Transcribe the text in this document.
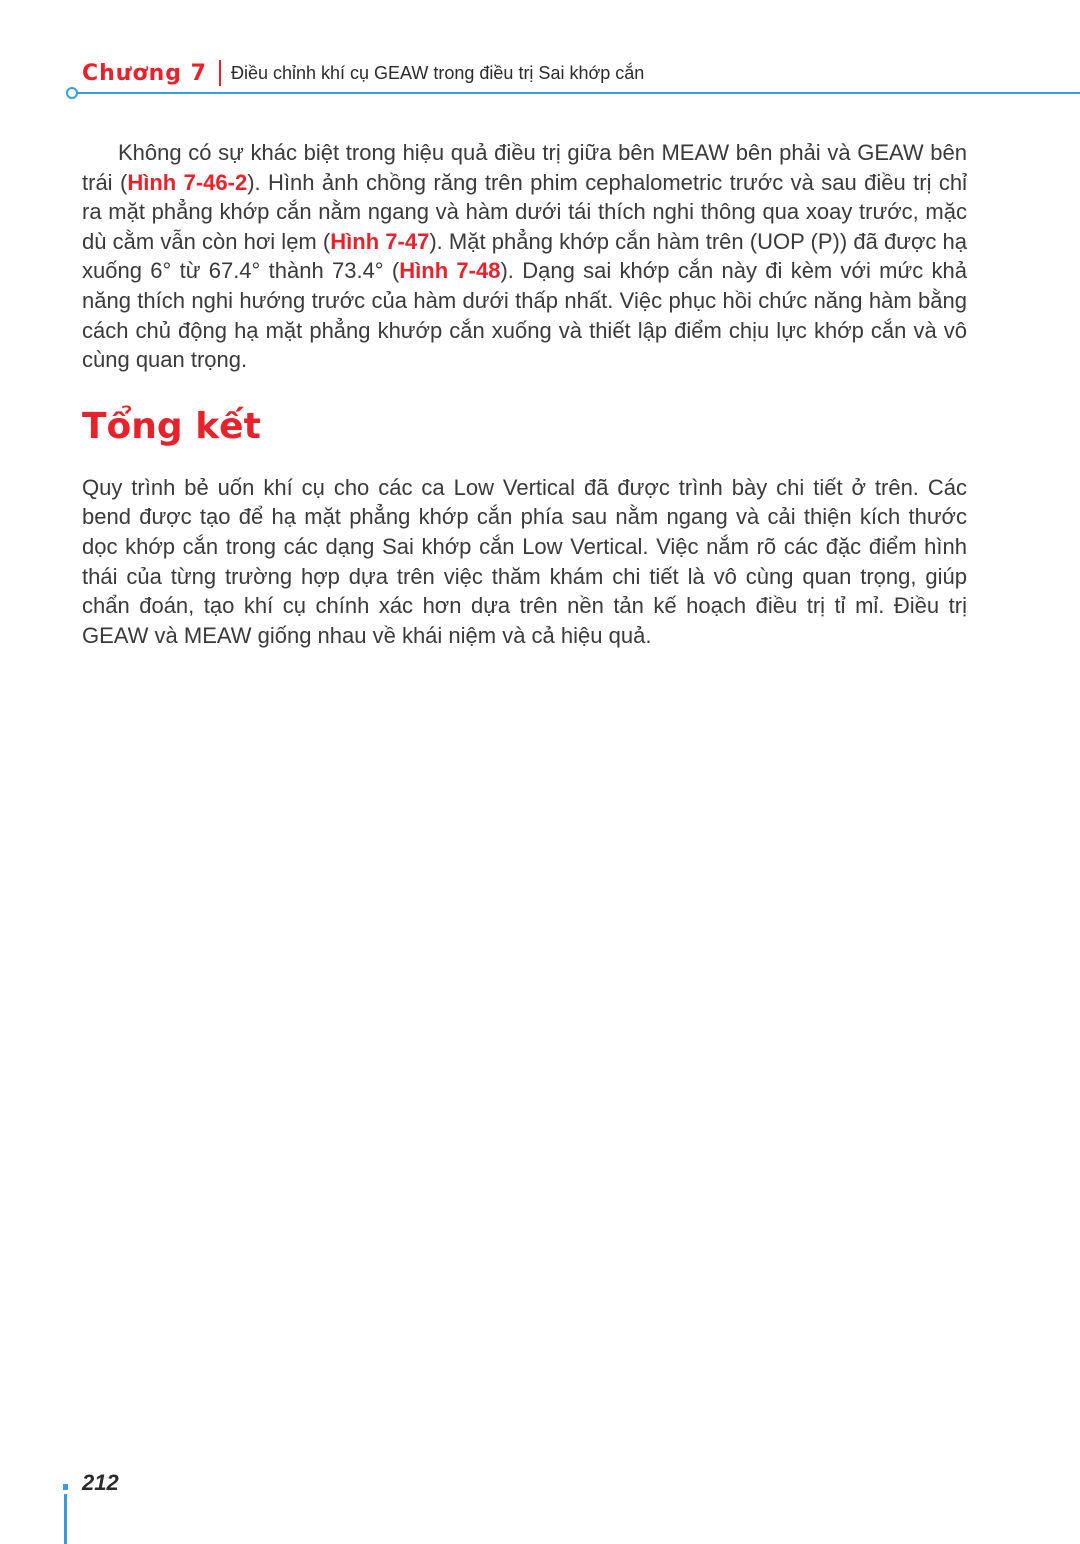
Chương 7 Điều chỉnh khí cụ GEAW trong điều trị Sai khớp cắn

Không có sự khác biệt trong hiệu quả điều trị giữa bên MEAW bên phải và GEAW bên trái (Hình 7-46-2). Hình ảnh chồng răng trên phim cephalometric trước và sau điều trị chỉ ra mặt phẳng khớp cắn nằm ngang và hàm dưới tái thích nghi thông qua xoay trước, mặc dù cằm vẫn còn hơi lẹm (Hình 7-47). Mặt phẳng khớp cắn hàm trên (UOP (P)) đã được hạ xuống 6° từ 67.4° thành 73.4° (Hình 7-48). Dạng sai khớp cắn này đi kèm với mức khả năng thích nghi hướng trước của hàm dưới thấp nhất. Việc phục hồi chức năng hàm bằng cách chủ động hạ mặt phẳng khướp cắn xuống và thiết lập điểm chịu lực khớp cắn và vô cùng quan trọng.

Tổng kết

Quy trình bẻ uốn khí cụ cho các ca Low Vertical đã được trình bày chi tiết ở trên. Các bend được tạo để hạ mặt phẳng khớp cắn phía sau nằm ngang và cải thiện kích thước dọc khớp cắn trong các dạng Sai khớp cắn Low Vertical. Việc nắm rõ các đặc điểm hình thái của từng trường hợp dựa trên việc thăm khám chi tiết là vô cùng quan trọng, giúp chẩn đoán, tạo khí cụ chính xác hơn dựa trên nền tản kế hoạch điều trị tỉ mỉ. Điều trị GEAW và MEAW giống nhau về khái niệm và cả hiệu quả.

212
